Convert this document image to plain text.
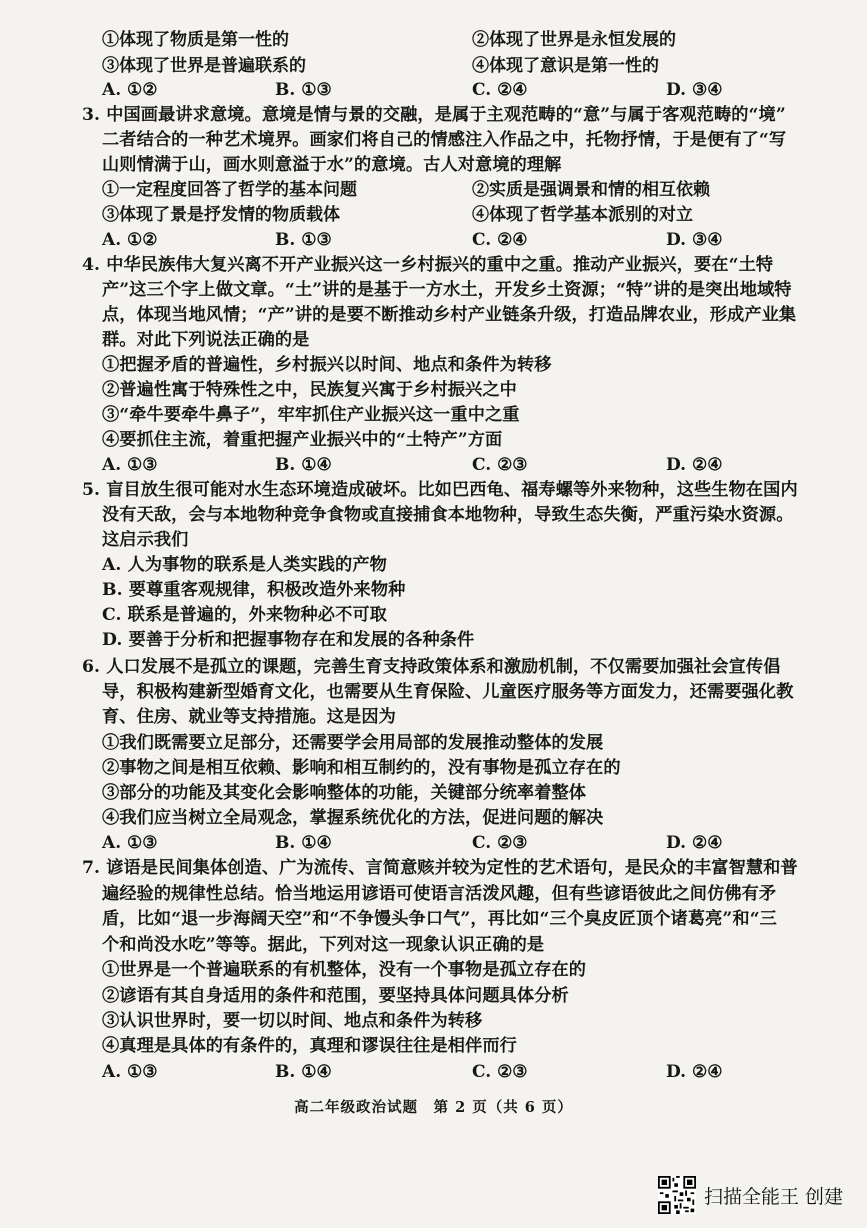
①体现了物质是第一性的	②体现了世界是永恒发展的
③体现了世界是普遍联系的	④体现了意识是第一性的
A. ①②	B. ①③	C. ②④	D. ③④
3. 中国画最讲求意境。意境是情与景的交融，是属于主观范畴的“意”与属于客观范畴的“境”
二者结合的一种艺术境界。画家们将自己的情感注入作品之中，托物抒情，于是便有了“写
山则情满于山，画水则意溢于水”的意境。古人对意境的理解
①一定程度回答了哲学的基本问题	②实质是强调景和情的相互依赖
③体现了景是抒发情的物质载体	④体现了哲学基本派别的对立
A. ①②	B. ①③	C. ②④	D. ③④
4. 中华民族伟大复兴离不开产业振兴这一乡村振兴的重中之重。推动产业振兴，要在“土特
产”这三个字上做文章。“土”讲的是基于一方水土，开发乡土资源；“特”讲的是突出地域特
点，体现当地风情；“产”讲的是要不断推动乡村产业链条升级，打造品牌农业，形成产业集
群。对此下列说法正确的是
①把握矛盾的普遍性，乡村振兴以时间、地点和条件为转移
②普遍性寓于特殊性之中，民族复兴寓于乡村振兴之中
③“牵牛要牵牛鼻子”，牢牢抓住产业振兴这一重中之重
④要抓住主流，着重把握产业振兴中的“土特产”方面
A. ①③	B. ①④	C. ②③	D. ②④
5. 盲目放生很可能对水生态环境造成破坏。比如巴西龟、福寿螺等外来物种，这些生物在国内
没有天敌，会与本地物种竞争食物或直接捕食本地物种，导致生态失衡，严重污染水资源。
这启示我们
A. 人为事物的联系是人类实践的产物
B. 要尊重客观规律，积极改造外来物种
C. 联系是普遍的，外来物种必不可取
D. 要善于分析和把握事物存在和发展的各种条件
6. 人口发展不是孤立的课题，完善生育支持政策体系和激励机制，不仅需要加强社会宣传倡
导，积极构建新型婚育文化，也需要从生育保险、儿童医疗服务等方面发力，还需要强化教
育、住房、就业等支持措施。这是因为
①我们既需要立足部分，还需要学会用局部的发展推动整体的发展
②事物之间是相互依赖、影响和相互制约的，没有事物是孤立存在的
③部分的功能及其变化会影响整体的功能，关键部分统率着整体
④我们应当树立全局观念，掌握系统优化的方法，促进问题的解决
A. ①③	B. ①④	C. ②③	D. ②④
7. 谚语是民间集体创造、广为流传、言简意赅并较为定性的艺术语句，是民众的丰富智慧和普
遍经验的规律性总结。恰当地运用谚语可使语言活泼风趣，但有些谚语彼此之间仿佛有矛
盾，比如“退一步海阔天空”和“不争馒头争口气”，再比如“三个臭皮匠顶个诸葛亮”和“三
个和尚没水吃”等等。据此，下列对这一现象认识正确的是
①世界是一个普遍联系的有机整体，没有一个事物是孤立存在的
②谚语有其自身适用的条件和范围，要坚持具体问题具体分析
③认识世界时，要一切以时间、地点和条件为转移
④真理是具体的有条件的，真理和谬误往往是相伴而行
A. ①③	B. ①④	C. ②③	D. ②④
高二年级政治试题　第 2 页（共 6 页）
扫描全能王 创建
